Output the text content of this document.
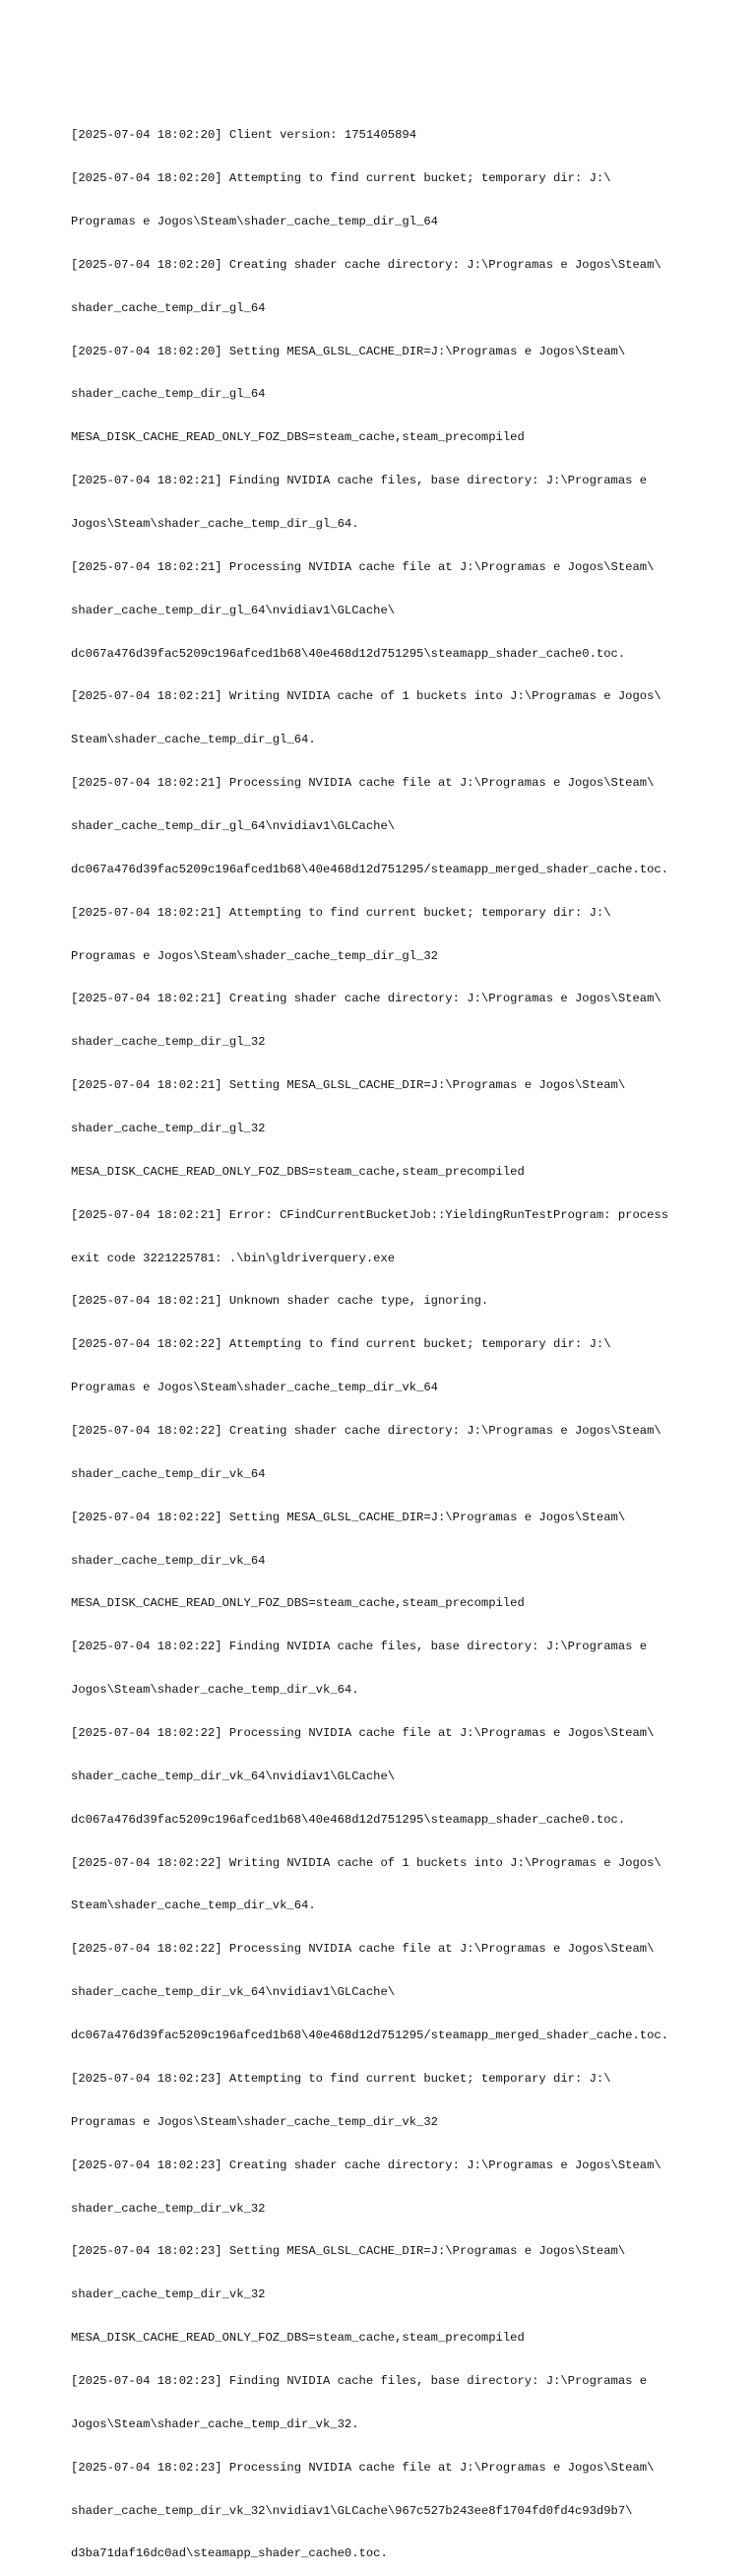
[2025-07-04 18:02:20] Client version: 1751405894

[2025-07-04 18:02:20] Attempting to find current bucket; temporary dir: J:\

Programas e Jogos\Steam\shader_cache_temp_dir_gl_64

[2025-07-04 18:02:20] Creating shader cache directory: J:\Programas e Jogos\Steam\

shader_cache_temp_dir_gl_64

[2025-07-04 18:02:20] Setting MESA_GLSL_CACHE_DIR=J:\Programas e Jogos\Steam\

shader_cache_temp_dir_gl_64

MESA_DISK_CACHE_READ_ONLY_FOZ_DBS=steam_cache,steam_precompiled

[2025-07-04 18:02:21] Finding NVIDIA cache files, base directory: J:\Programas e

Jogos\Steam\shader_cache_temp_dir_gl_64.

[2025-07-04 18:02:21] Processing NVIDIA cache file at J:\Programas e Jogos\Steam\

shader_cache_temp_dir_gl_64\nvidiav1\GLCache\

dc067a476d39fac5209c196afced1b68\40e468d12d751295\steamapp_shader_cache0.toc.

[2025-07-04 18:02:21] Writing NVIDIA cache of 1 buckets into J:\Programas e Jogos\

Steam\shader_cache_temp_dir_gl_64.

[2025-07-04 18:02:21] Processing NVIDIA cache file at J:\Programas e Jogos\Steam\

shader_cache_temp_dir_gl_64\nvidiav1\GLCache\

dc067a476d39fac5209c196afced1b68\40e468d12d751295/steamapp_merged_shader_cache.toc.

[2025-07-04 18:02:21] Attempting to find current bucket; temporary dir: J:\

Programas e Jogos\Steam\shader_cache_temp_dir_gl_32

[2025-07-04 18:02:21] Creating shader cache directory: J:\Programas e Jogos\Steam\

shader_cache_temp_dir_gl_32

[2025-07-04 18:02:21] Setting MESA_GLSL_CACHE_DIR=J:\Programas e Jogos\Steam\

shader_cache_temp_dir_gl_32

MESA_DISK_CACHE_READ_ONLY_FOZ_DBS=steam_cache,steam_precompiled

[2025-07-04 18:02:21] Error: CFindCurrentBucketJob::YieldingRunTestProgram: process

exit code 3221225781: .\bin\gldriverquery.exe

[2025-07-04 18:02:21] Unknown shader cache type, ignoring.

[2025-07-04 18:02:22] Attempting to find current bucket; temporary dir: J:\

Programas e Jogos\Steam\shader_cache_temp_dir_vk_64

[2025-07-04 18:02:22] Creating shader cache directory: J:\Programas e Jogos\Steam\

shader_cache_temp_dir_vk_64

[2025-07-04 18:02:22] Setting MESA_GLSL_CACHE_DIR=J:\Programas e Jogos\Steam\

shader_cache_temp_dir_vk_64

MESA_DISK_CACHE_READ_ONLY_FOZ_DBS=steam_cache,steam_precompiled

[2025-07-04 18:02:22] Finding NVIDIA cache files, base directory: J:\Programas e

Jogos\Steam\shader_cache_temp_dir_vk_64.

[2025-07-04 18:02:22] Processing NVIDIA cache file at J:\Programas e Jogos\Steam\

shader_cache_temp_dir_vk_64\nvidiav1\GLCache\

dc067a476d39fac5209c196afced1b68\40e468d12d751295\steamapp_shader_cache0.toc.

[2025-07-04 18:02:22] Writing NVIDIA cache of 1 buckets into J:\Programas e Jogos\

Steam\shader_cache_temp_dir_vk_64.

[2025-07-04 18:02:22] Processing NVIDIA cache file at J:\Programas e Jogos\Steam\

shader_cache_temp_dir_vk_64\nvidiav1\GLCache\

dc067a476d39fac5209c196afced1b68\40e468d12d751295/steamapp_merged_shader_cache.toc.

[2025-07-04 18:02:23] Attempting to find current bucket; temporary dir: J:\

Programas e Jogos\Steam\shader_cache_temp_dir_vk_32

[2025-07-04 18:02:23] Creating shader cache directory: J:\Programas e Jogos\Steam\

shader_cache_temp_dir_vk_32

[2025-07-04 18:02:23] Setting MESA_GLSL_CACHE_DIR=J:\Programas e Jogos\Steam\

shader_cache_temp_dir_vk_32

MESA_DISK_CACHE_READ_ONLY_FOZ_DBS=steam_cache,steam_precompiled

[2025-07-04 18:02:23] Finding NVIDIA cache files, base directory: J:\Programas e

Jogos\Steam\shader_cache_temp_dir_vk_32.

[2025-07-04 18:02:23] Processing NVIDIA cache file at J:\Programas e Jogos\Steam\

shader_cache_temp_dir_vk_32\nvidiav1\GLCache\967c527b243ee8f1704fd0fd4c93d9b7\

d3ba71daf16dc0ad\steamapp_shader_cache0.toc.
